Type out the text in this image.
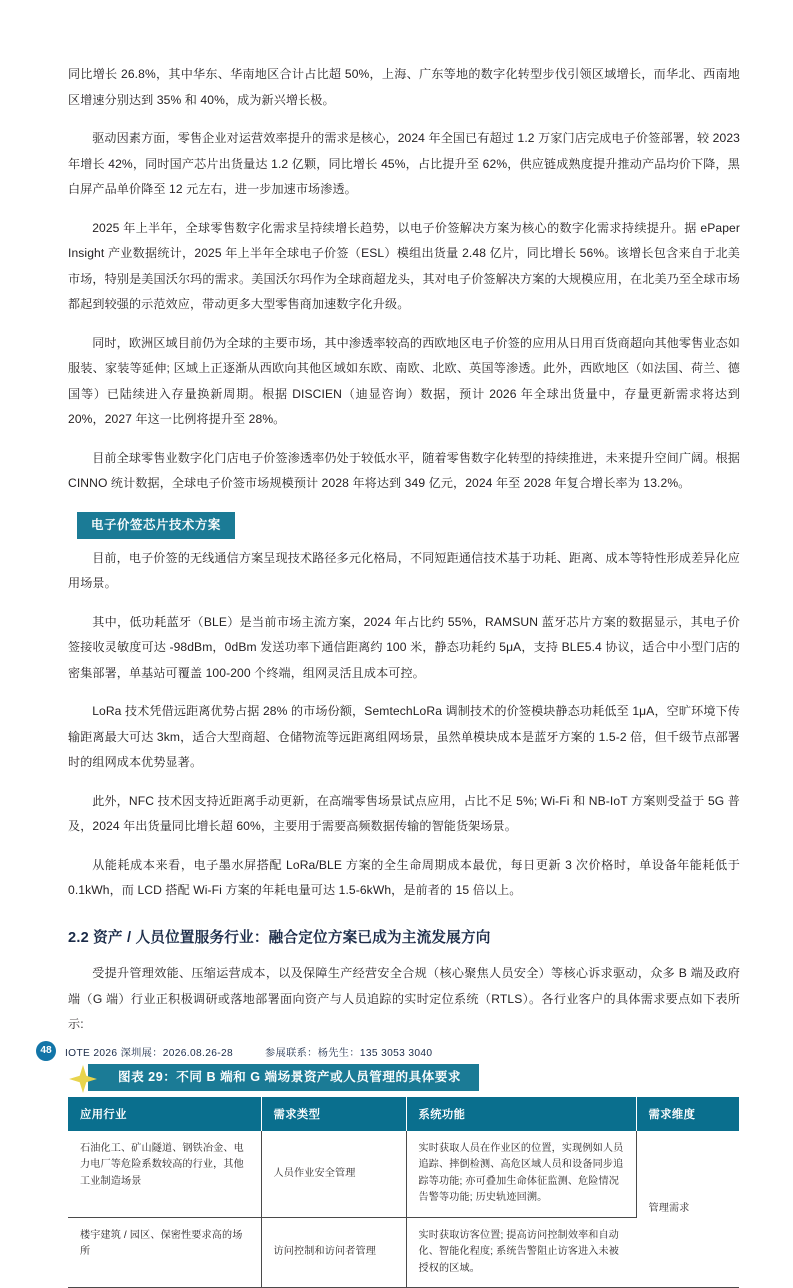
同比增长 26.8%，其中华东、华南地区合计占比超 50%，上海、广东等地的数字化转型步伐引领区域增长，而华北、西南地区增速分别达到 35% 和 40%，成为新兴增长极。

驱动因素方面，零售企业对运营效率提升的需求是核心，2024 年全国已有超过 1.2 万家门店完成电子价签部署，较 2023 年增长 42%，同时国产芯片出货量达 1.2 亿颗，同比增长 45%，占比提升至 62%，供应链成熟度提升推动产品均价下降，黑白屏产品单价降至 12 元左右，进一步加速市场渗透。

2025 年上半年，全球零售数字化需求呈持续增长趋势，以电子价签解决方案为核心的数字化需求持续提升。据 ePaper Insight 产业数据统计，2025 年上半年全球电子价签（ESL）模组出货量 2.48 亿片，同比增长 56%。该增长包含来自于北美市场，特别是美国沃尔玛的需求。美国沃尔玛作为全球商超龙头，其对电子价签解决方案的大规模应用，在北美乃至全球市场都起到较强的示范效应，带动更多大型零售商加速数字化升级。

同时，欧洲区域目前仍为全球的主要市场，其中渗透率较高的西欧地区电子价签的应用从日用百货商超向其他零售业态如服装、家装等延伸; 区域上正逐渐从西欧向其他区域如东欧、南欧、北欧、英国等渗透。此外，西欧地区（如法国、荷兰、德国等）已陆续进入存量换新周期。根据 DISCIEN（迪显咨询）数据，预计 2026 年全球出货量中，存量更新需求将达到 20%，2027 年这一比例将提升至 28%。

目前全球零售业数字化门店电子价签渗透率仍处于较低水平，随着零售数字化转型的持续推进，未来提升空间广阔。根据 CINNO 统计数据，全球电子价签市场规模预计 2028 年将达到 349 亿元，2024 年至 2028 年复合增长率为 13.2%。

电子价签芯片技术方案

目前，电子价签的无线通信方案呈现技术路径多元化格局，不同短距通信技术基于功耗、距离、成本等特性形成差异化应用场景。

其中，低功耗蓝牙（BLE）是当前市场主流方案，2024 年占比约 55%，RAMSUN 蓝牙芯片方案的数据显示，其电子价签接收灵敏度可达 -98dBm，0dBm 发送功率下通信距离约 100 米，静态功耗约 5μA，支持 BLE5.4 协议，适合中小型门店的密集部署，单基站可覆盖 100-200 个终端，组网灵活且成本可控。

LoRa 技术凭借远距离优势占据 28% 的市场份额，SemtechLoRa 调制技术的价签模块静态功耗低至 1μA，空旷环境下传输距离最大可达 3km，适合大型商超、仓储物流等远距离组网场景，虽然单模块成本是蓝牙方案的 1.5-2 倍，但千级节点部署时的组网成本优势显著。

此外，NFC 技术因支持近距离手动更新，在高端零售场景试点应用，占比不足 5%; Wi-Fi 和 NB-IoT 方案则受益于 5G 普及，2024 年出货量同比增长超 60%，主要用于需要高频数据传输的智能货架场景。

从能耗成本来看，电子墨水屏搭配 LoRa/BLE 方案的全生命周期成本最优，每日更新 3 次价格时，单设备年能耗低于 0.1kWh，而 LCD 搭配 Wi-Fi 方案的年耗电量可达 1.5-6kWh，是前者的 15 倍以上。

2.2 资产 / 人员位置服务行业：融合定位方案已成为主流发展方向

受提升管理效能、压缩运营成本，以及保障生产经营安全合规（核心聚焦人员安全）等核心诉求驱动，众多 B 端及政府端（G 端）行业正积极调研或落地部署面向资产与人员追踪的实时定位系统（RTLS）。各行业客户的具体需求要点如下表所示:

图表 29：不同 B 端和 G 端场景资产或人员管理的具体要求
应用行业	需求类型	系统功能	需求维度
石油化工、矿山隧道、钢铁冶金、电力电厂等危险系数较高的行业，其他工业制造场景	人员作业安全管理	实时获取人员在作业区的位置，实现例如人员追踪、摔倒检测、高危区域人员和设备同步追踪等功能; 亦可叠加生命体征监测、危险情况告警等功能; 历史轨迹回溯。	管理需求
楼宇建筑 / 园区、保密性要求高的场所	访问控制和访问者管理	实时获取访客位置; 提高访问控制效率和自动化、智能化程度; 系统告警阻止访客进入未被授权的区域。	
48	IOTE 2026 深圳展：2026.08.26-28	参展联系：杨先生：135 3053 3040
